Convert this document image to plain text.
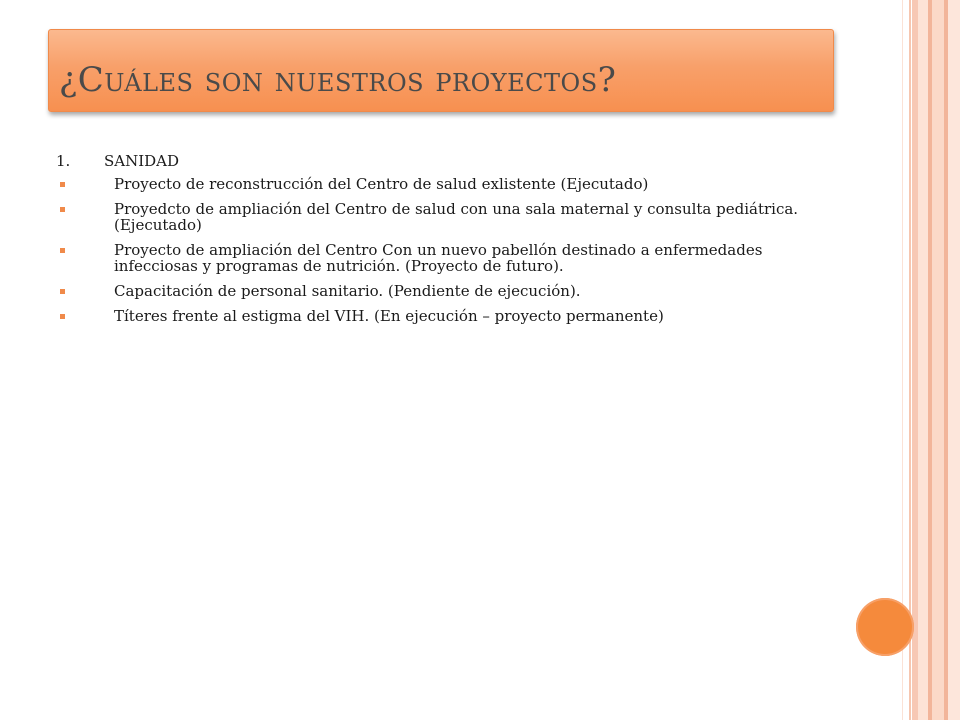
¿Cuáles son nuestros proyectos?
1.	SANIDAD
Proyecto de reconstrucción del Centro de salud exlistente (Ejecutado)
Proyedcto de ampliación del Centro de salud con una sala maternal y consulta pediátrica. (Ejecutado)
Proyecto de ampliación del Centro Con un nuevo pabellón destinado a enfermedades infecciosas y programas de nutrición. (Proyecto de futuro).
Capacitación de personal sanitario. (Pendiente de ejecución).
Títeres frente al estigma del VIH. (En ejecución – proyecto permanente)
